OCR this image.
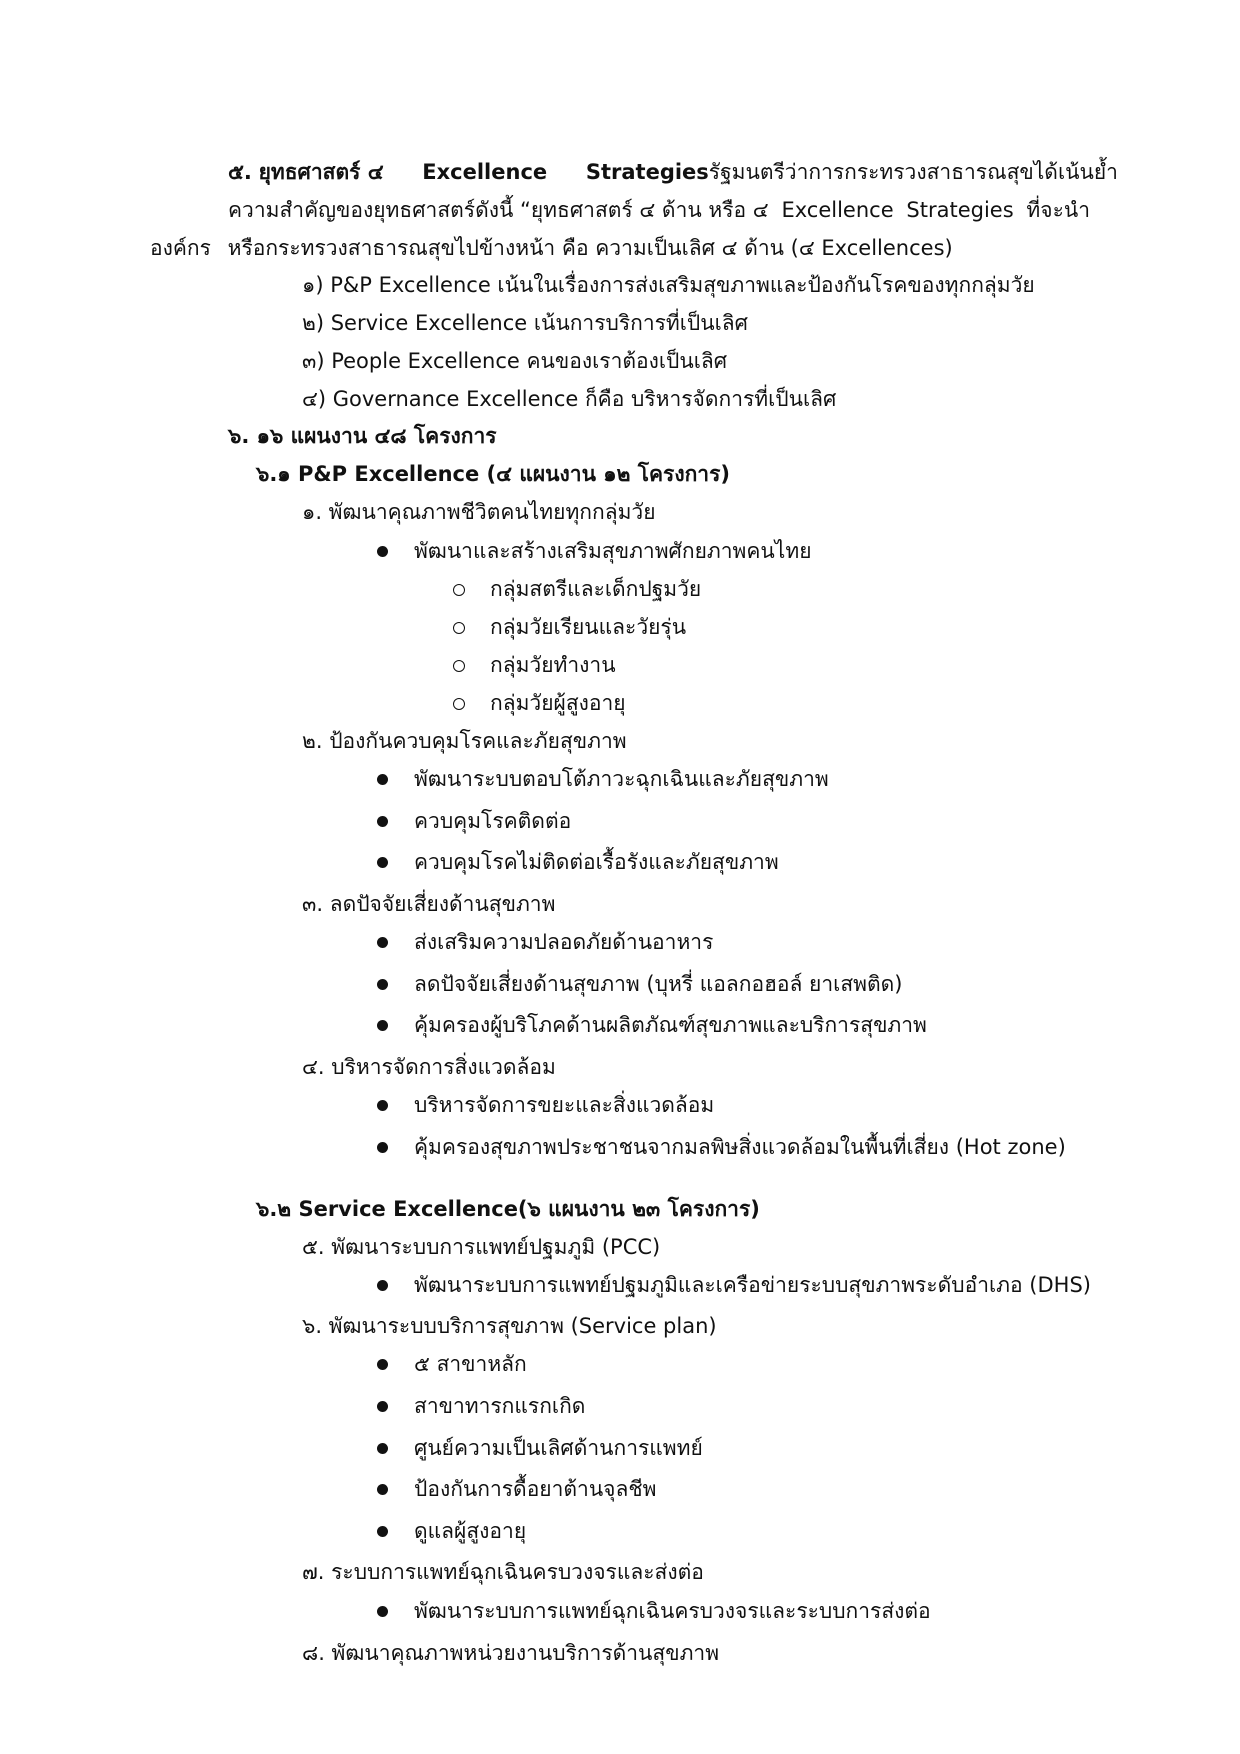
๕. ยุทธศาสตร์ ๔ Excellence Strategiesรัฐมนตรีว่าการกระทรวงสาธารณสุขได้เน้นย้ำ
ความสำคัญของยุทธศาสตร์ดังนี้ “ยุทธศาสตร์ ๔ ด้าน หรือ ๔ Excellence Strategies ที่จะนำ
องค์กร หรือกระทรวงสาธารณสุขไปข้างหน้า คือ ความเป็นเลิศ ๔ ด้าน (๔ Excellences)
๑) P&P Excellence เน้นในเรื่องการส่งเสริมสุขภาพและป้องกันโรคของทุกกลุ่มวัย
๒) Service Excellence เน้นการบริการที่เป็นเลิศ
๓) People Excellence คนของเราต้องเป็นเลิศ
๔) Governance Excellence ก็คือ บริหารจัดการที่เป็นเลิศ
๖. ๑๖ แผนงาน ๔๘ โครงการ
๖.๑ P&P Excellence (๔ แผนงาน ๑๒ โครงการ)
๑. พัฒนาคุณภาพชีวิตคนไทยทุกกลุ่มวัย
พัฒนาและสร้างเสริมสุขภาพศักยภาพคนไทย
กลุ่มสตรีและเด็กปฐมวัย
กลุ่มวัยเรียนและวัยรุ่น
กลุ่มวัยทำงาน
กลุ่มวัยผู้สูงอายุ
๒. ป้องกันควบคุมโรคและภัยสุขภาพ
พัฒนาระบบตอบโต้ภาวะฉุกเฉินและภัยสุขภาพ
ควบคุมโรคติดต่อ
ควบคุมโรคไม่ติดต่อเรื้อรังและภัยสุขภาพ
๓. ลดปัจจัยเสี่ยงด้านสุขภาพ
ส่งเสริมความปลอดภัยด้านอาหาร
ลดปัจจัยเสี่ยงด้านสุขภาพ (บุหรี่ แอลกอฮอล์ ยาเสพติด)
คุ้มครองผู้บริโภคด้านผลิตภัณฑ์สุขภาพและบริการสุขภาพ
๔. บริหารจัดการสิ่งแวดล้อม
บริหารจัดการขยะและสิ่งแวดล้อม
คุ้มครองสุขภาพประชาชนจากมลพิษสิ่งแวดล้อมในพื้นที่เสี่ยง (Hot zone)
๖.๒ Service Excellence(๖ แผนงาน ๒๓ โครงการ)
๕. พัฒนาระบบการแพทย์ปฐมภูมิ (PCC)
พัฒนาระบบการแพทย์ปฐมภูมิและเครือข่ายระบบสุขภาพระดับอำเภอ (DHS)
๖. พัฒนาระบบบริการสุขภาพ (Service plan)
๕ สาขาหลัก
สาขาทารกแรกเกิด
ศูนย์ความเป็นเลิศด้านการแพทย์
ป้องกันการดื้อยาต้านจุลชีพ
ดูแลผู้สูงอายุ
๗. ระบบการแพทย์ฉุกเฉินครบวงจรและส่งต่อ
พัฒนาระบบการแพทย์ฉุกเฉินครบวงจรและระบบการส่งต่อ
๘. พัฒนาคุณภาพหน่วยงานบริการด้านสุขภาพ
